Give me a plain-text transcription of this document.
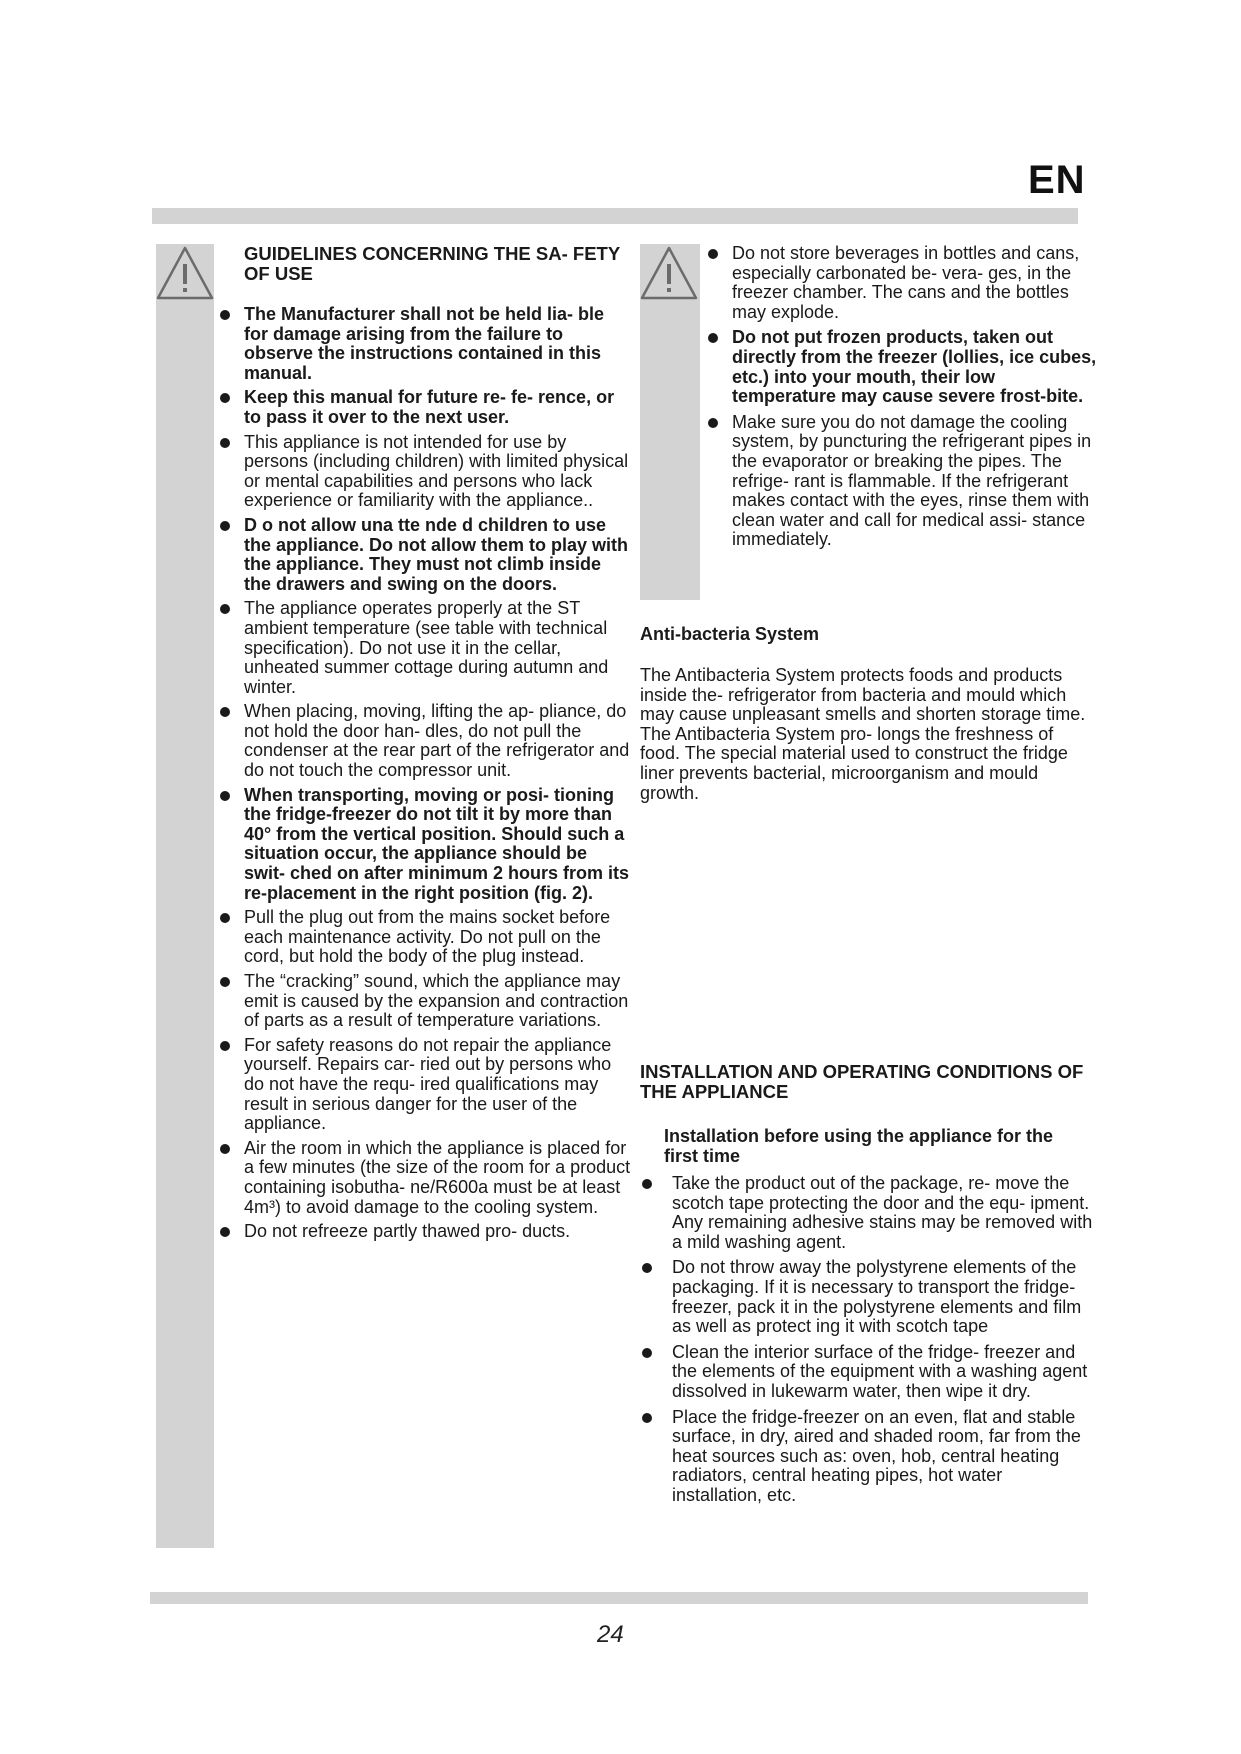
EN
GUIDELINES CONCERNING THE SA- FETY OF USE
The Manufacturer shall not be held lia- ble for damage arising from the failure to observe the instructions contained in this manual.
Keep this manual for future re- fe- rence, or to pass it over to the next user.
This appliance is not intended for use by persons (including children) with limited physical or mental capabilities and persons who lack experience or familiarity with the appliance..
D o not allow una tte nde d children to use the appliance. Do not allow them to play with the appliance. They must not climb inside the drawers and swing on the doors.
The appliance operates properly at the ST ambient temperature (see table with technical specification). Do not use it in the cellar, unheated summer cottage during autumn and winter.
When placing, moving, lifting the ap- pliance, do not hold the door han- dles, do not pull the condenser at the rear part of the refrigerator and do not touch the compressor unit.
When transporting, moving or posi- tioning the fridge-freezer do not tilt it by more than 40° from the vertical position. Should such a situation occur, the appliance should be swit- ched on after minimum 2 hours from its re-placement in the right position (fig. 2).
Pull the plug out from the mains socket before each maintenance activity. Do not pull on the cord, but hold the body of the plug instead.
The “cracking” sound, which the appliance may emit is caused by the expansion and contraction of parts as a result of temperature variations.
For safety reasons do not repair the appliance yourself. Repairs car- ried out by persons who do not have the requ- ired qualifications may result in serious danger for the user of the appliance.
Air the room in which the appliance is placed for a few minutes (the size of the room for a product containing isobutha- ne/R600a must be at least 4m³) to avoid damage to the cooling system.
Do not refreeze partly thawed pro- ducts.
Do not store beverages in bottles and cans, especially carbonated be- vera- ges, in the freezer chamber. The cans and the bottles may explode.
Do not put frozen products, taken out directly from the freezer (lollies, ice cubes, etc.) into your mouth, their low temperature may cause severe frost-bite.
Make sure you do not damage the cooling system, by puncturing the refrigerant pipes in the evaporator or breaking the pipes. The refrige- rant is flammable. If the refrigerant makes contact with the eyes, rinse them with clean water and call for medical assi- stance immediately.
Anti-bacteria System

The Antibacteria System protects foods and products inside the- refrigerator from bacteria and mould which may cause unpleasant smells and shorten storage time. The Antibacteria System pro- longs the freshness of food. The special material used to construct the fridge liner prevents bacterial, microorganism and mould growth.

INSTALLATION AND OPERATING CONDITIONS OF THE APPLIANCE
Installation before using the appliance for the first time
Take the product out of the package, re- move the scotch tape protecting the door and the equ- ipment. Any remaining adhesive stains may be removed with a mild washing agent.
Do not throw away the polystyrene elements of the packaging. If it is necessary to transport the fridge-freezer, pack it in the polystyrene elements and film as well as protect ing it with scotch tape
Clean the interior surface of the fridge- freezer and the elements of the equipment with a washing agent dissolved in lukewarm water, then wipe it dry.
Place the fridge-freezer on an even, flat and stable surface, in dry, aired and shaded room, far from the heat sources such as: oven, hob, central heating radiators, central heating pipes, hot water installation, etc.
24
